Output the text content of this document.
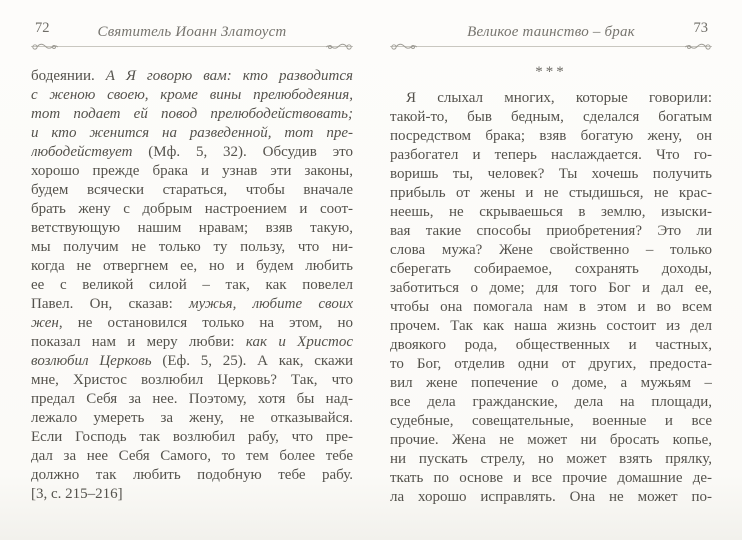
72	Святитель Иоанн Златоуст
бодеянии. А Я говорю вам: кто разводится
с женою своею, кроме вины прелюбодеяния,
тот подает ей повод прелюбодействовать;
и кто женится на разведенной, тот пре-
любодействует (Мф. 5, 32). Обсудив это
хорошо прежде брака и узнав эти законы,
будем всячески стараться, чтобы вначале
брать жену с добрым настроением и соот-
ветствующую нашим нравам; взяв такую,
мы получим не только ту пользу, что ни-
когда не отвергнем ее, но и будем любить
ее с великой силой – так, как повелел
Павел. Он, сказав: мужья, любите своих
жен, не остановился только на этом, но
показал нам и меру любви: как и Христос
возлюбил Церковь (Еф. 5, 25). А как, скажи
мне, Христос возлюбил Церковь? Так, что
предал Себя за нее. Поэтому, хотя бы над-
лежало умереть за жену, не отказывайся.
Если Господь так возлюбил рабу, что пре-
дал за нее Себя Самого, то тем более тебе
должно так любить подобную тебе рабу.
[3, с. 215–216]
73
Великое таинство – брак
***
Я слыхал многих, которые говорили:
такой-то, быв бедным, сделался богатым
посредством брака; взяв богатую жену, он
разбогател и теперь наслаждается. Что го-
воришь ты, человек? Ты хочешь получить
прибыль от жены и не стыдишься, не крас-
неешь, не скрываешься в землю, изыски-
вая такие способы приобретения? Это ли
слова мужа? Жене свойственно – только
сберегать собираемое, сохранять доходы,
заботиться о доме; для того Бог и дал ее,
чтобы она помогала нам в этом и во всем
прочем. Так как наша жизнь состоит из дел
двоякого рода, общественных и частных,
то Бог, отделив одни от других, предоста-
вил жене попечение о доме, а мужьям –
все дела гражданские, дела на площади,
судебные, совещательные, военные и все
прочие. Жена не может ни бросать копье,
ни пускать стрелу, но может взять прялку,
ткать по основе и все прочие домашние де-
ла хорошо исправлять. Она не может по-
